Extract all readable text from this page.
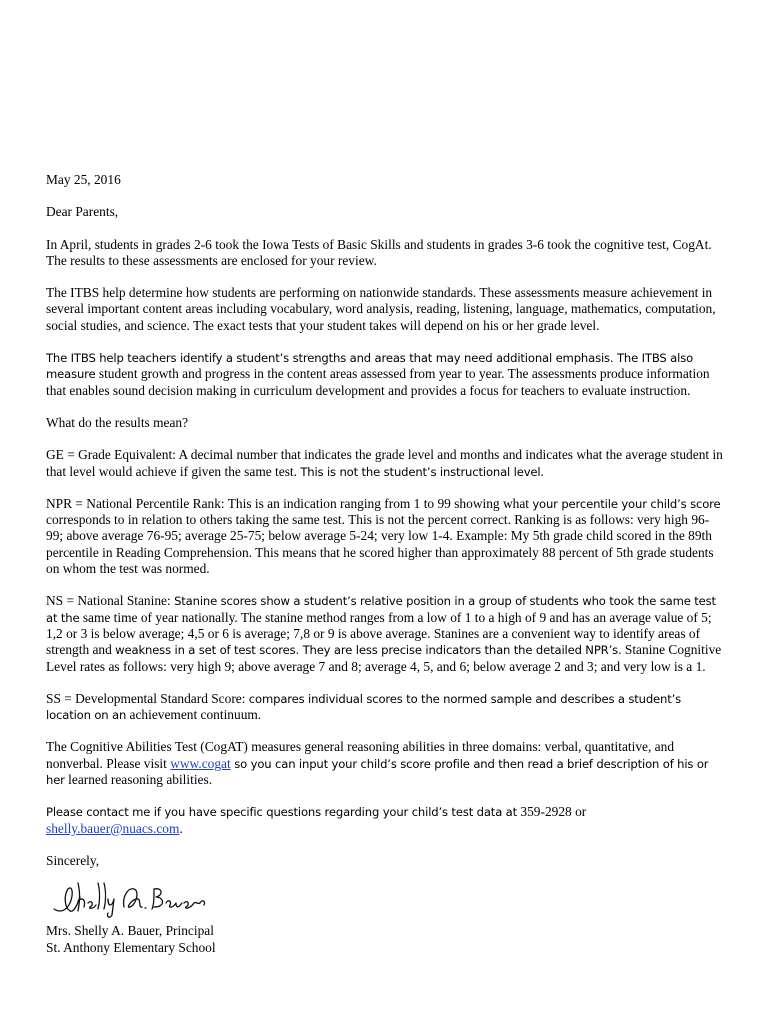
May 25, 2016

Dear Parents,

In April, students in grades 2-6 took the Iowa Tests of Basic Skills and students in grades 3-6 took the cognitive test, CogAt. The results to these assessments are enclosed for your review.

The ITBS help determine how students are performing on nationwide standards. These assessments measure achievement in several important content areas including vocabulary, word analysis, reading, listening, language, mathematics, computation, social studies, and science. The exact tests that your student takes will depend on his or her grade level.

The ITBS help teachers identify a student’s strengths and areas that may need additional emphasis. The ITBS also measure student growth and progress in the content areas assessed from year to year. The assessments produce information that enables sound decision making in curriculum development and provides a focus for teachers to evaluate instruction.

What do the results mean?

GE = Grade Equivalent: A decimal number that indicates the grade level and months and indicates what the average student in that level would achieve if given the same test. This is not the student’s instructional level.

NPR = National Percentile Rank: This is an indication ranging from 1 to 99 showing what your percentile your child’s score corresponds to in relation to others taking the same test. This is not the percent correct. Ranking is as follows: very high 96-99; above average 76-95; average 25-75; below average 5-24; very low 1-4. Example: My 5th grade child scored in the 89th percentile in Reading Comprehension. This means that he scored higher than approximately 88 percent of 5th grade students on whom the test was normed.

NS = National Stanine: Stanine scores show a student’s relative position in a group of students who took the same test at the same time of year nationally. The stanine method ranges from a low of 1 to a high of 9 and has an average value of 5; 1,2 or 3 is below average; 4,5 or 6 is average; 7,8 or 9 is above average. Stanines are a convenient way to identify areas of strength and weakness in a set of test scores. They are less precise indicators than the detailed NPR’s. Stanine Cognitive Level rates as follows: very high 9; above average 7 and 8; average 4, 5, and 6; below average 2 and 3; and very low is a 1.

SS = Developmental Standard Score: compares individual scores to the normed sample and describes a student’s location on an achievement continuum.

The Cognitive Abilities Test (CogAT) measures general reasoning abilities in three domains: verbal, quantitative, and nonverbal. Please visit www.cogat so you can input your child’s score profile and then read a brief description of his or her learned reasoning abilities.

Please contact me if you have specific questions regarding your child’s test data at 359-2928 or shelly.bauer@nuacs.com.

Sincerely,

Mrs. Shelly A. Bauer, Principal

St. Anthony Elementary School
